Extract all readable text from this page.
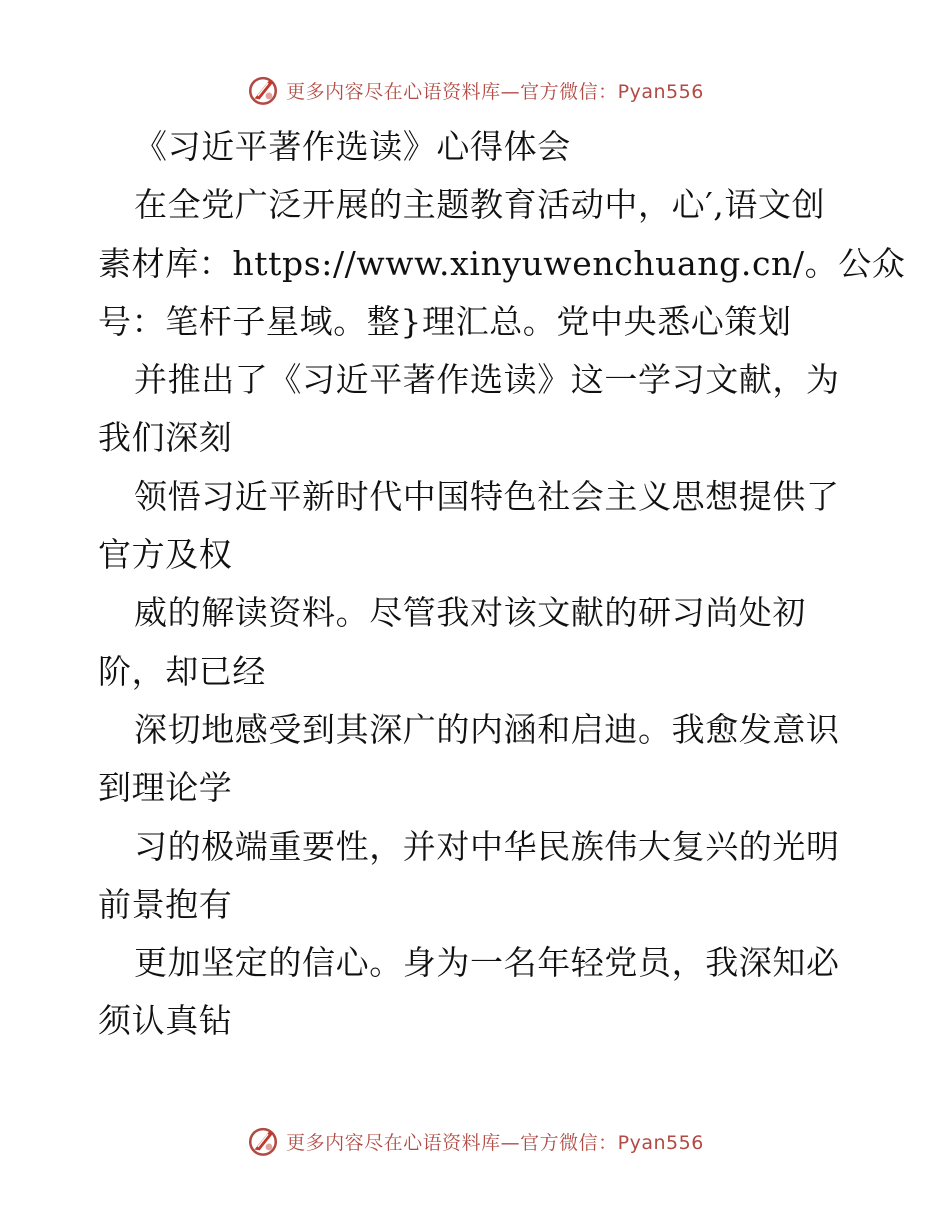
更多内容尽在心语资料库—官方微信：Pyan556
《习近平著作选读》心得体会
在全党广泛开展的主题教育活动中，心′,语文创
素材库：https://www.xinyuwenchuang.cn/。公众
号：笔杆子星域。整}理汇总。党中央悉心策划
并推出了《习近平著作选读》这一学习文献，为
我们深刻
领悟习近平新时代中国特色社会主义思想提供了
官方及权
威的解读资料。尽管我对该文献的研习尚处初
阶，却已经
深切地感受到其深广的内涵和启迪。我愈发意识
到理论学
习的极端重要性，并对中华民族伟大复兴的光明
前景抱有
更加坚定的信心。身为一名年轻党员，我深知必
须认真钻
更多内容尽在心语资料库—官方微信：Pyan556
